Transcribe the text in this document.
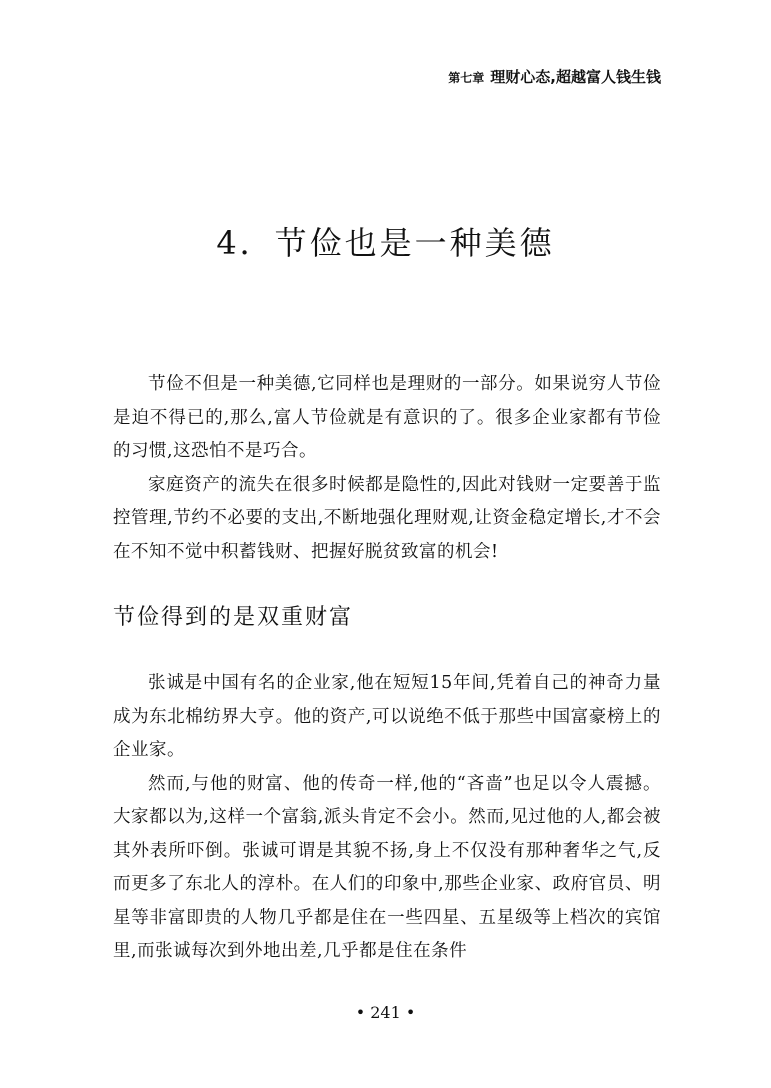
第七章 理财心态,超越富人钱生钱
4．节俭也是一种美德

节俭不但是一种美德,它同样也是理财的一部分。如果说穷人节俭是迫不得已的,那么,富人节俭就是有意识的了。很多企业家都有节俭的习惯,这恐怕不是巧合。

家庭资产的流失在很多时候都是隐性的,因此对钱财一定要善于监控管理,节约不必要的支出,不断地强化理财观,让资金稳定增长,才不会在不知不觉中积蓄钱财、把握好脱贫致富的机会!

节俭得到的是双重财富

张诚是中国有名的企业家,他在短短15年间,凭着自己的神奇力量成为东北棉纺界大亨。他的资产,可以说绝不低于那些中国富豪榜上的企业家。

然而,与他的财富、他的传奇一样,他的“吝啬”也足以令人震撼。大家都以为,这样一个富翁,派头肯定不会小。然而,见过他的人,都会被其外表所吓倒。张诚可谓是其貌不扬,身上不仅没有那种奢华之气,反而更多了东北人的淳朴。在人们的印象中,那些企业家、政府官员、明星等非富即贵的人物几乎都是住在一些四星、五星级等上档次的宾馆里,而张诚每次到外地出差,几乎都是住在条件

• 241 •
